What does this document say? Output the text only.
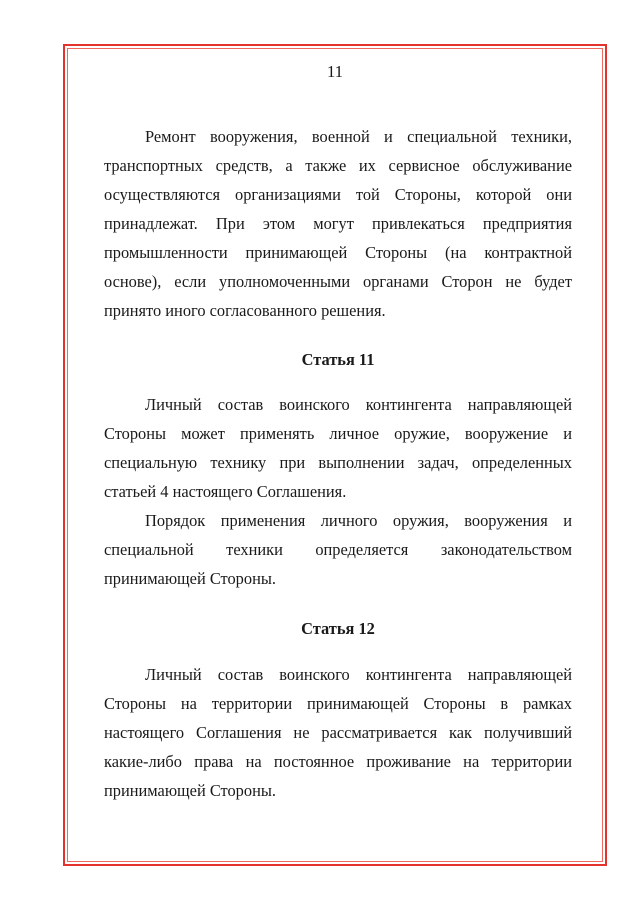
11

Ремонт вооружения, военной и специальной техники, транспортных средств, а также их сервисное обслуживание осуществляются организациями той Стороны, которой они принадлежат. При этом могут привлекаться предприятия промышленности принимающей Стороны (на контрактной основе), если уполномоченными органами Сторон не будет принято иного согласованного решения.

Статья 11

Личный состав воинского контингента направляющей Стороны может применять личное оружие, вооружение и специальную технику при выполнении задач, определенных статьей 4 настоящего Соглашения.

Порядок применения личного оружия, вооружения и специальной техники определяется законодательством принимающей Стороны.

Статья 12

Личный состав воинского контингента направляющей Стороны на территории принимающей Стороны в рамках настоящего Соглашения не рассматривается как получивший какие-либо права на постоянное проживание на территории принимающей Стороны.
